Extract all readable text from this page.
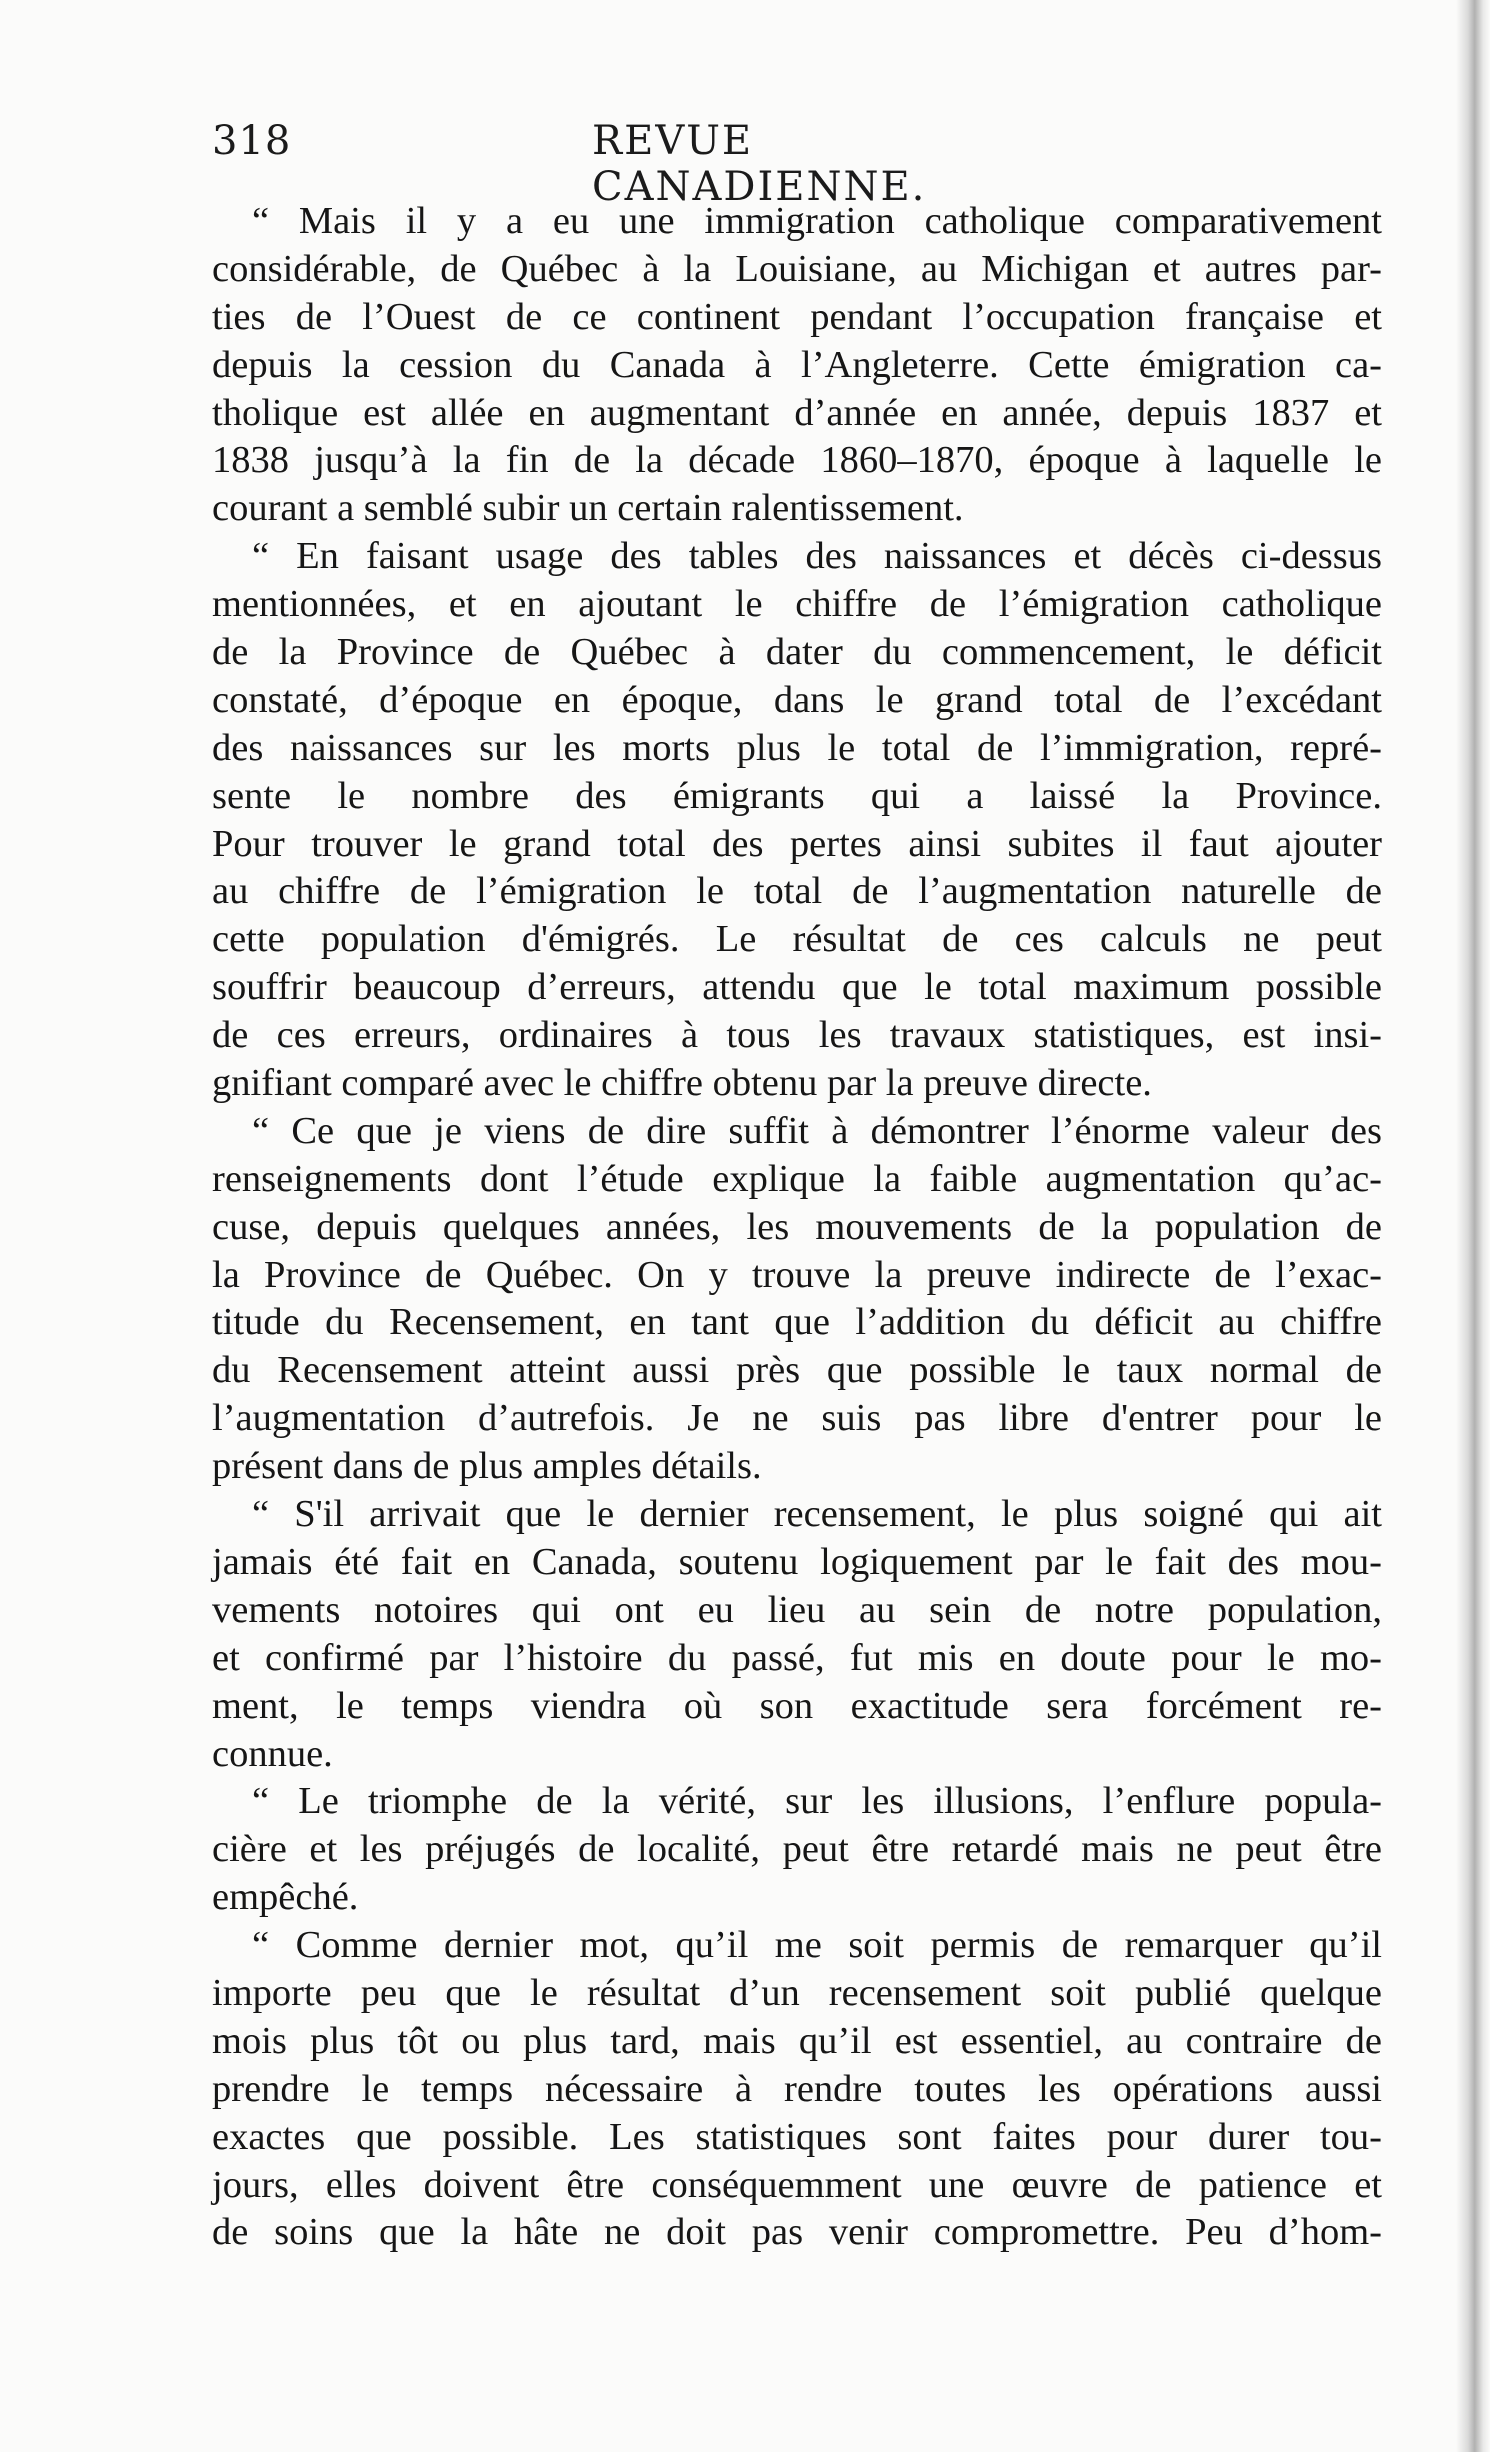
318	REVUE CANADIENNE.
“ Mais il y a eu une immigration catholique comparativement
considérable, de Québec à la Louisiane, au Michigan et autres par-
ties de l’Ouest de ce continent pendant l’occupation française et
depuis la cession du Canada à l’Angleterre. Cette émigration ca-
tholique est allée en augmentant d’année en année, depuis 1837 et
1838 jusqu’à la fin de la décade 1860–1870, époque à laquelle le
courant a semblé subir un certain ralentissement.
“ En faisant usage des tables des naissances et décès ci-dessus
mentionnées, et en ajoutant le chiffre de l’émigration catholique
de la Province de Québec à dater du commencement, le déficit
constaté, d’époque en époque, dans le grand total de l’excédant
des naissances sur les morts plus le total de l’immigration, repré-
sente le nombre des émigrants qui a laissé la Province.
Pour trouver le grand total des pertes ainsi subites il faut ajouter
au chiffre de l’émigration le total de l’augmentation naturelle de
cette population d'émigrés. Le résultat de ces calculs ne peut
souffrir beaucoup d’erreurs, attendu que le total maximum possible
de ces erreurs, ordinaires à tous les travaux statistiques, est insi-
gnifiant comparé avec le chiffre obtenu par la preuve directe.
“ Ce que je viens de dire suffit à démontrer l’énorme valeur des
renseignements dont l’étude explique la faible augmentation qu’ac-
cuse, depuis quelques années, les mouvements de la population de
la Province de Québec. On y trouve la preuve indirecte de l’exac-
titude du Recensement, en tant que l’addition du déficit au chiffre
du Recensement atteint aussi près que possible le taux normal de
l’augmentation d’autrefois. Je ne suis pas libre d'entrer pour le
présent dans de plus amples détails.
“ S'il arrivait que le dernier recensement, le plus soigné qui ait
jamais été fait en Canada, soutenu logiquement par le fait des mou-
vements notoires qui ont eu lieu au sein de notre population,
et confirmé par l’histoire du passé, fut mis en doute pour le mo-
ment, le temps viendra où son exactitude sera forcément re-
connue.
“ Le triomphe de la vérité, sur les illusions, l’enflure popula-
cière et les préjugés de localité, peut être retardé mais ne peut être
empêché.
“ Comme dernier mot, qu’il me soit permis de remarquer qu’il
importe peu que le résultat d’un recensement soit publié quelque
mois plus tôt ou plus tard, mais qu’il est essentiel, au contraire de
prendre le temps nécessaire à rendre toutes les opérations aussi
exactes que possible. Les statistiques sont faites pour durer tou-
jours, elles doivent être conséquemment une œuvre de patience et
de soins que la hâte ne doit pas venir compromettre. Peu d’hom-
